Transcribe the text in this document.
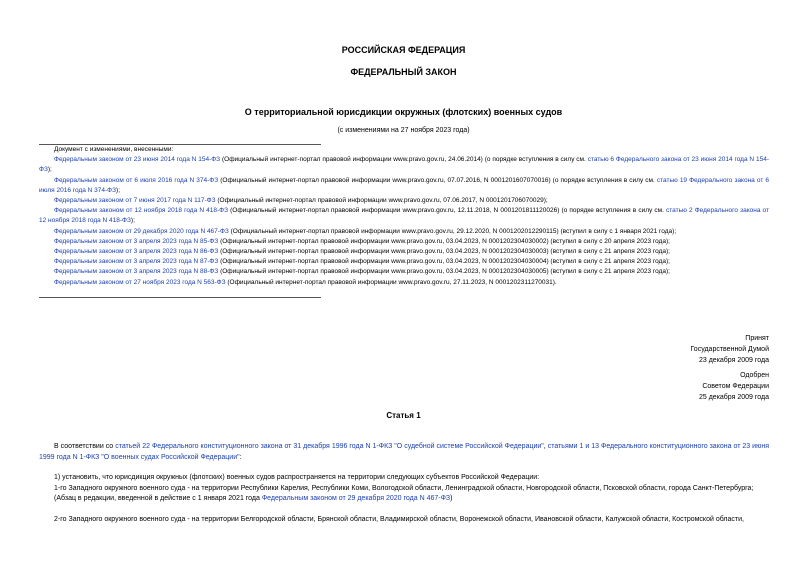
РОССИЙСКАЯ ФЕДЕРАЦИЯ
ФЕДЕРАЛЬНЫЙ ЗАКОН
О территориальной юрисдикции окружных (флотских) военных судов
(с изменениями на 27 ноября 2023 года)

Документ с изменениями, внесенными:

Федеральным законом от 23 июня 2014 года N 154-ФЗ (Официальный интернет-портал правовой информации www.pravo.gov.ru, 24.06.2014) (о порядке вступления в силу см. статью 6 Федерального закона от 23 июня 2014 года N 154-ФЗ);

Федеральным законом от 6 июля 2016 года N 374-ФЗ (Официальный интернет-портал правовой информации www.pravo.gov.ru, 07.07.2016, N 0001201607070016) (о порядке вступления в силу см. статью 19 Федерального закона от 6 июля 2016 года N 374-ФЗ);

Федеральным законом от 7 июня 2017 года N 117-ФЗ (Официальный интернет-портал правовой информации www.pravo.gov.ru, 07.06.2017, N 0001201706070029);

Федеральным законом от 12 ноября 2018 года N 418-ФЗ (Официальный интернет-портал правовой информации www.pravo.gov.ru, 12.11.2018, N 0001201811120026) (о порядке вступления в силу см. статью 2 Федерального закона от 12 ноября 2018 года N 418-ФЗ);

Федеральным законом от 29 декабря 2020 года N 467-ФЗ (Официальный интернет-портал правовой информации www.pravo.gov.ru, 29.12.2020, N 0001202012290115) (вступил в силу с 1 января 2021 года);

Федеральным законом от 3 апреля 2023 года N 85-ФЗ (Официальный интернет-портал правовой информации www.pravo.gov.ru, 03.04.2023, N 0001202304030002) (вступил в силу с 20 апреля 2023 года);

Федеральным законом от 3 апреля 2023 года N 86-ФЗ (Официальный интернет-портал правовой информации www.pravo.gov.ru, 03.04.2023, N 0001202304030003) (вступил в силу с 21 апреля 2023 года);

Федеральным законом от 3 апреля 2023 года N 87-ФЗ (Официальный интернет-портал правовой информации www.pravo.gov.ru, 03.04.2023, N 0001202304030004) (вступил в силу с 21 апреля 2023 года);

Федеральным законом от 3 апреля 2023 года N 88-ФЗ (Официальный интернет-портал правовой информации www.pravo.gov.ru, 03.04.2023, N 0001202304030005) (вступил в силу с 21 апреля 2023 года);

Федеральным законом от 27 ноября 2023 года N 563-ФЗ (Официальный интернет-портал правовой информации www.pravo.gov.ru, 27.11.2023, N 0001202311270031).

Принят
Государственной Думой
23 декабря 2009 года
Одобрен
Советом Федерации
25 декабря 2009 года
Статья 1

В соответствии со статьей 22 Федерального конституционного закона от 31 декабря 1996 года N 1-ФКЗ "О судебной системе Российской Федерации", статьями 1 и 13 Федерального конституционного закона от 23 июня 1999 года N 1-ФКЗ "О военных судах Российской Федерации":

1) установить, что юрисдикция окружных (флотских) военных судов распространяется на территории следующих субъектов Российской Федерации:

1-го Западного окружного военного суда - на территории Республики Карелия, Республики Коми, Вологодской области, Ленинградской области, Новгородской области, Псковской области, города Санкт-Петербурга;

(Абзац в редакции, введенной в действие с 1 января 2021 года Федеральным законом от 29 декабря 2020 года N 467-ФЗ)

2-го Западного окружного военного суда - на территории Белгородской области, Брянской области, Владимирской области, Воронежской области, Ивановской области, Калужской области, Костромской области,
